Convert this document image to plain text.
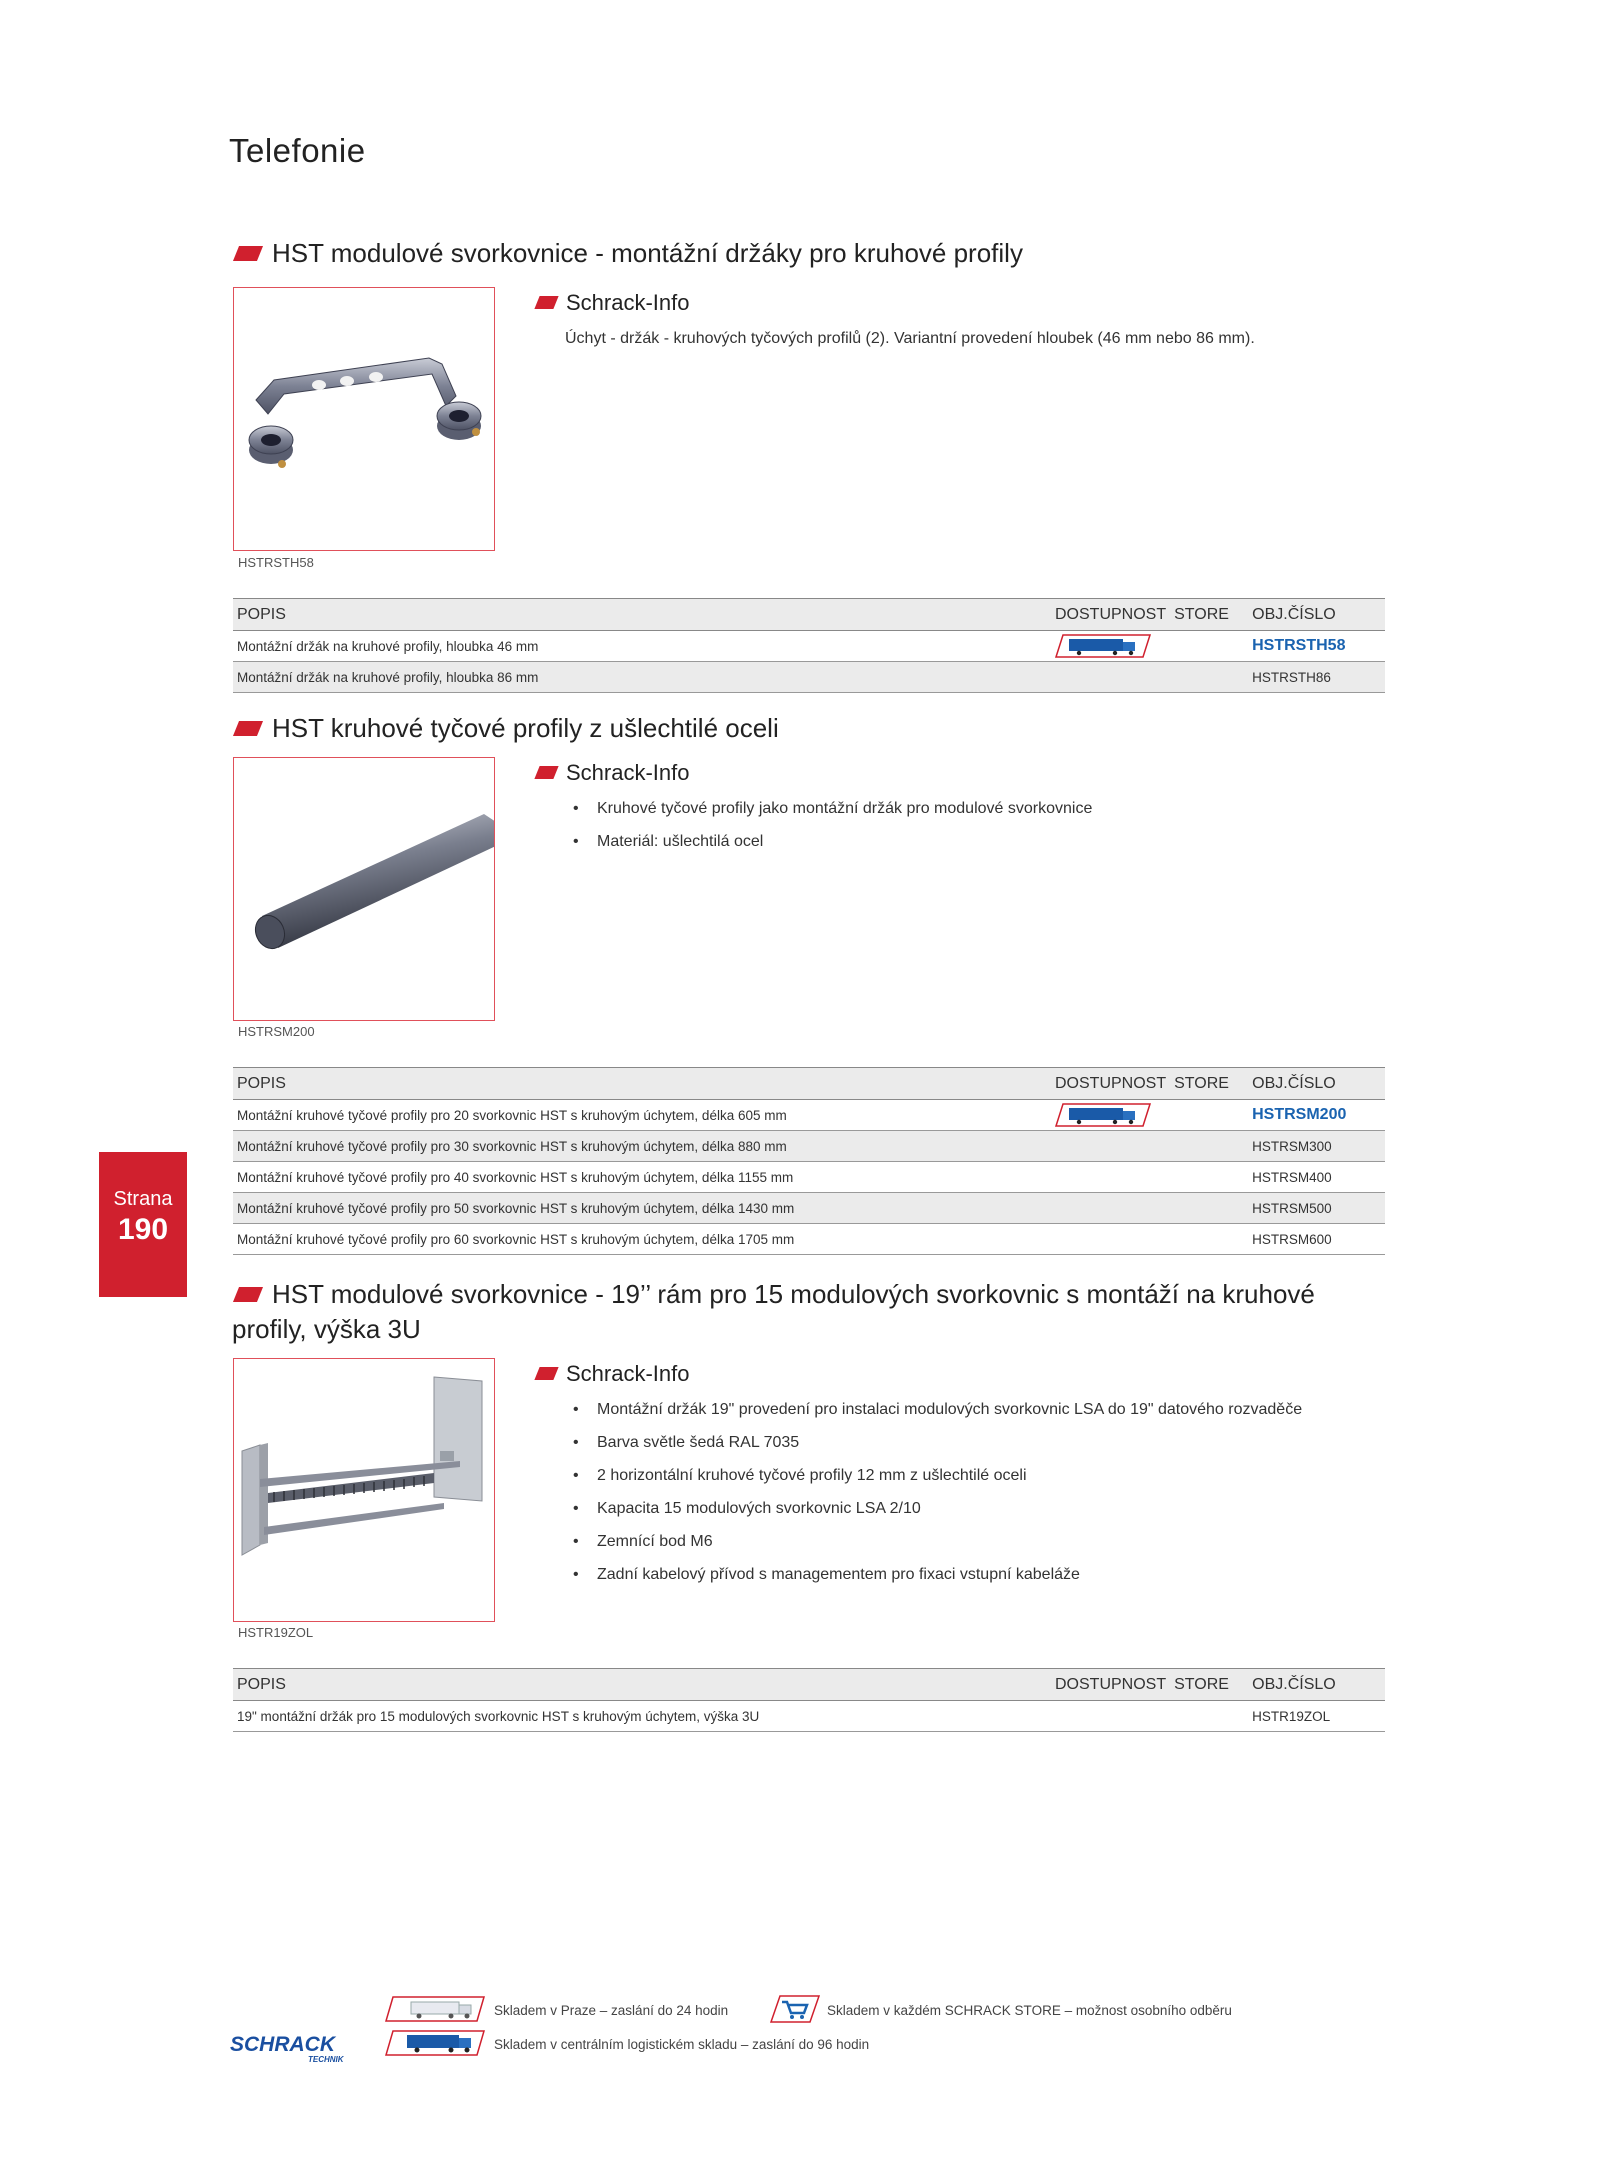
Telefonie
HST modulové svorkovnice - montážní držáky pro kruhové profily
HSTRSTH58
Schrack-Info
Úchyt - držák - kruhových tyčových profilů (2). Variantní provedení hloubek (46 mm nebo 86 mm).
POPIS	DOSTUPNOST	STORE	OBJ.ČÍSLO
Montážní držák na kruhové profily, hloubka 46 mm			HSTRSTH58
Montážní držák na kruhové profily, hloubka 86 mm			HSTRSTH86
HST kruhové tyčové profily z ušlechtilé oceli
HSTRSM200
Schrack-Info
• Kruhové tyčové profily jako montážní držák pro modulové svorkovnice
• Materiál: ušlechtilá ocel
POPIS	DOSTUPNOST	STORE	OBJ.ČÍSLO
Montážní kruhové tyčové profily pro 20 svorkovnic HST s kruhovým úchytem, délka 605 mm			HSTRSM200
Montážní kruhové tyčové profily pro 30 svorkovnic HST s kruhovým úchytem, délka 880 mm			HSTRSM300
Montážní kruhové tyčové profily pro 40 svorkovnic HST s kruhovým úchytem, délka 1155 mm			HSTRSM400
Montážní kruhové tyčové profily pro 50 svorkovnic HST s kruhovým úchytem, délka 1430 mm			HSTRSM500
Montážní kruhové tyčové profily pro 60 svorkovnic HST s kruhovým úchytem, délka 1705 mm			HSTRSM600
Strana
190
HST modulové svorkovnice - 19’’ rám pro 15 modulových svorkovnic s montáží na kruhové profily, výška 3U
HSTR19ZOL
Schrack-Info
• Montážní držák 19" provedení pro instalaci modulových svorkovnic LSA do 19" datového rozvaděče
• Barva světle šedá RAL 7035
• 2 horizontální kruhové tyčové profily 12 mm z ušlechtilé oceli
• Kapacita 15 modulových svorkovnic LSA 2/10
• Zemnící bod M6
• Zadní kabelový přívod s managementem pro fixaci vstupní kabeláže
POPIS	DOSTUPNOST	STORE	OBJ.ČÍSLO
19" montážní držák pro 15 modulových svorkovnic HST s kruhovým úchytem, výška 3U			HSTR19ZOL
Skladem v Praze – zaslání do 24 hodin	Skladem v každém SCHRACK STORE – možnost osobního odběru
Skladem v centrálním logistickém skladu – zaslání do 96 hodin
SCHRACK
TECHNIK
